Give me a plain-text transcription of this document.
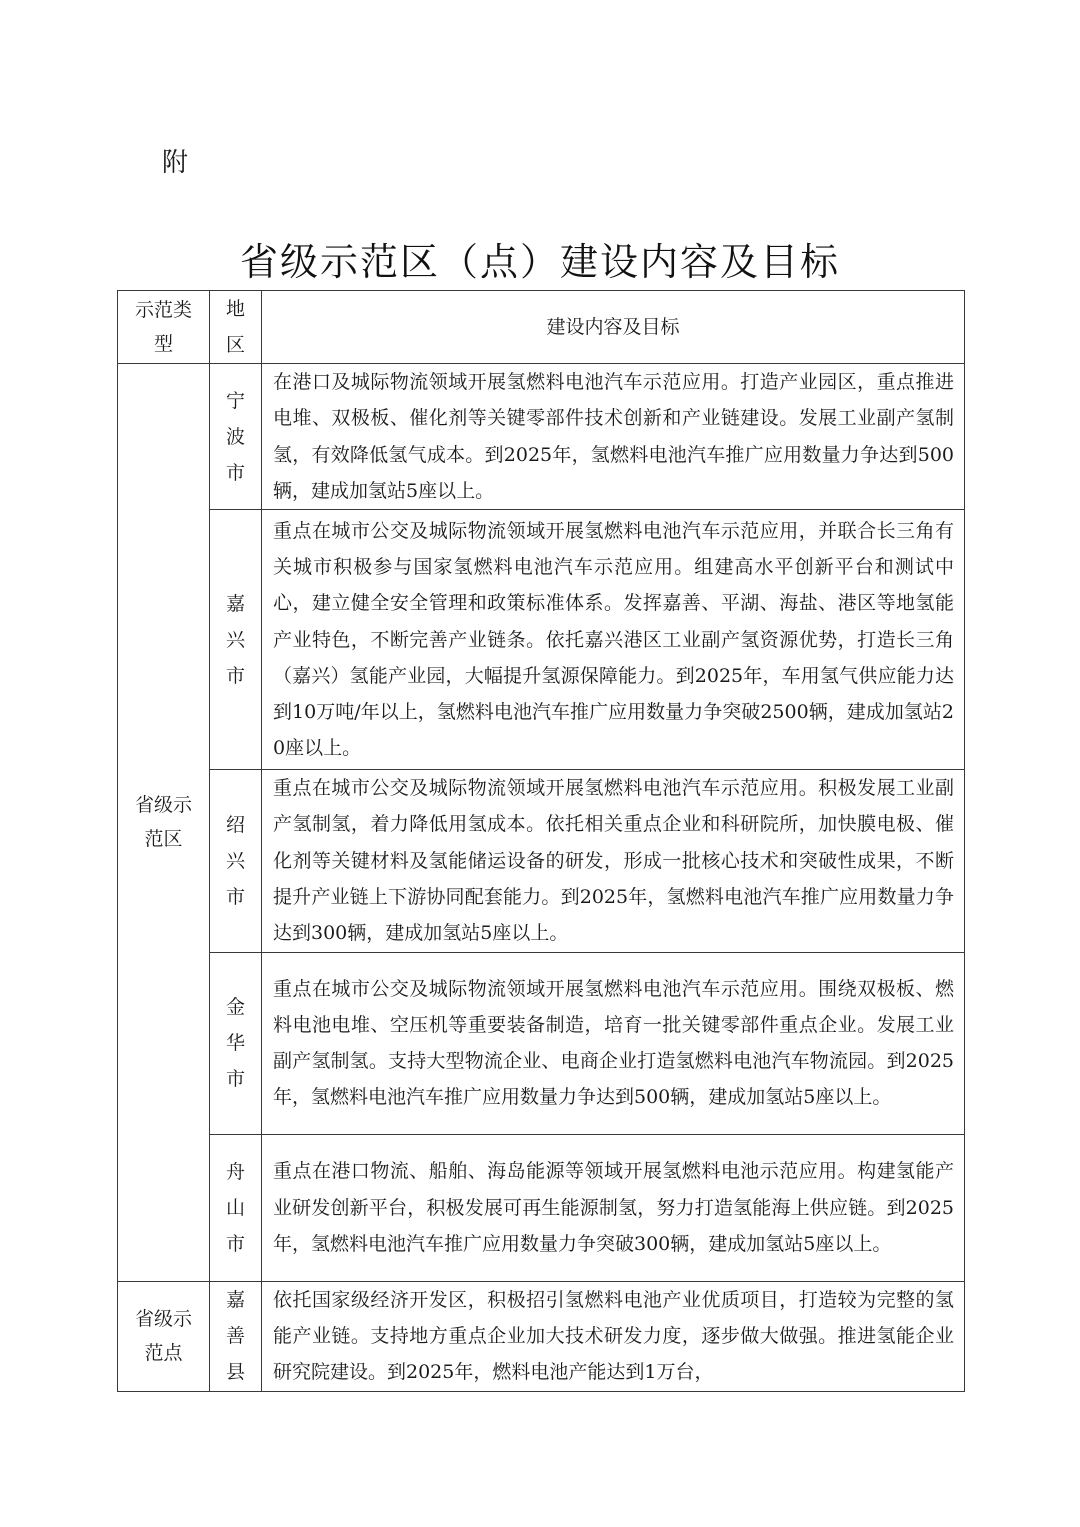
附
省级示范区（点）建设内容及目标
示范类型	地区	建设内容及目标
省级示范区	宁波市	在港口及城际物流领域开展氢燃料电池汽车示范应用。打造产业园区，重点推进电堆、双极板、催化剂等关键零部件技术创新和产业链建设。发展工业副产氢制氢，有效降低氢气成本。到2025年，氢燃料电池汽车推广应用数量力争达到500 辆，建成加氢站5座以上。
	嘉兴市	重点在城市公交及城际物流领域开展氢燃料电池汽车示范应用，并联合长三角有关城市积极参与国家氢燃料电池汽车示范应用。组建高水平创新平台和测试中心，建立健全安全管理和政策标准体系。发挥嘉善、平湖、海盐、港区等地氢能产业特色，不断完善产业链条。依托嘉兴港区工业副产氢资源优势，打造长三角（嘉兴）氢能产业园，大幅提升氢源保障能力。到2025年，车用氢气供应能力达到10万吨/年以上，氢燃料电池汽车推广应用数量力争突破2500辆，建成加氢站20座以上。
	绍兴市	重点在城市公交及城际物流领域开展氢燃料电池汽车示范应用。积极发展工业副产氢制氢，着力降低用氢成本。依托相关重点企业和科研院所，加快膜电极、催化剂等关键材料及氢能储运设备的研发，形成一批核心技术和突破性成果，不断提升产业链上下游协同配套能力。到2025年，氢燃料电池汽车推广应用数量力争达到300辆，建成加氢站5座以上。
	金华市	重点在城市公交及城际物流领域开展氢燃料电池汽车示范应用。围绕双极板、燃料电池电堆、空压机等重要装备制造，培育一批关键零部件重点企业。发展工业副产氢制氢。支持大型物流企业、电商企业打造氢燃料电池汽车物流园。到2025年，氢燃料电池汽车推广应用数量力争达到500辆，建成加氢站5座以上。
	舟山市	重点在港口物流、船舶、海岛能源等领域开展氢燃料电池示范应用。构建氢能产业研发创新平台，积极发展可再生能源制氢，努力打造氢能海上供应链。到2025年，氢燃料电池汽车推广应用数量力争突破300辆，建成加氢站5座以上。
省级示范点	嘉善县	依托国家级经济开发区，积极招引氢燃料电池产业优质项目，打造较为完整的氢能产业链。支持地方重点企业加大技术研发力度，逐步做大做强。推进氢能企业研究院建设。到2025年，燃料电池产能达到1万台，
